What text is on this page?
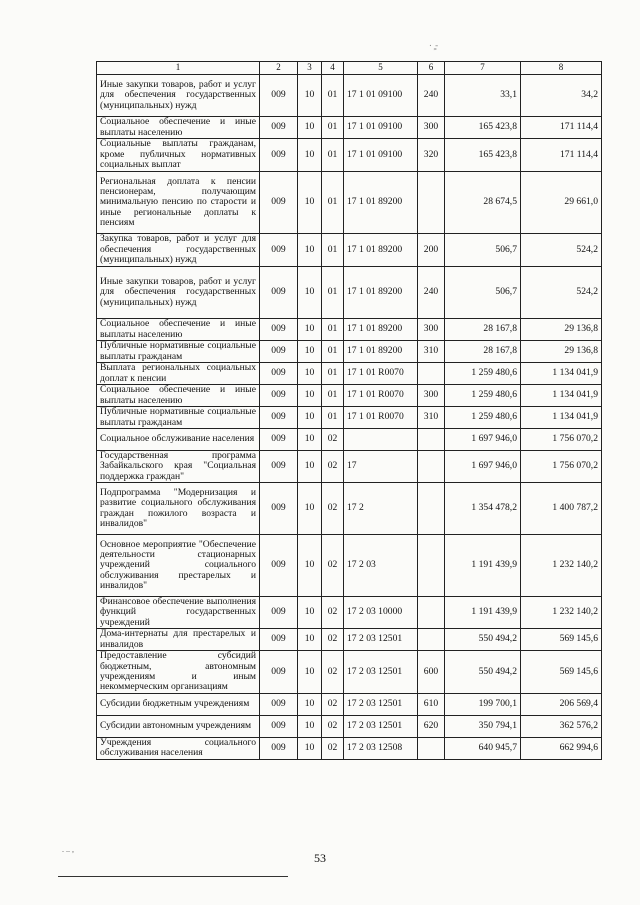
٠ٍ -
1	2	3	4	5	6	7	8
Иные закупки товаров, работ и услуг для обеспечения государственных (муниципальных) нужд	009	10	01	17 1 01 09100	240	33,1	34,2
Социальное обеспечение и иные выплаты населению	009	10	01	17 1 01 09100	300	165 423,8	171 114,4
Социальные выплаты гражданам, кроме публичных нормативных социальных выплат	009	10	01	17 1 01 09100	320	165 423,8	171 114,4
Региональная доплата к пенсии пенсионерам, получающим минимальную пенсию по старости и иные региональные доплаты к пенсиям	009	10	01	17 1 01 89200		28 674,5	29 661,0
Закупка товаров, работ и услуг для обеспечения государственных (муниципальных) нужд	009	10	01	17 1 01 89200	200	506,7	524,2
Иные закупки товаров, работ и услуг для обеспечения государственных (муниципальных) нужд	009	10	01	17 1 01 89200	240	506,7	524,2
Социальное обеспечение и иные выплаты населению	009	10	01	17 1 01 89200	300	28 167,8	29 136,8
Публичные нормативные социальные выплаты гражданам	009	10	01	17 1 01 89200	310	28 167,8	29 136,8
Выплата региональных социальных доплат к пенсии	009	10	01	17 1 01 R0070		1 259 480,6	1 134 041,9
Социальное обеспечение и иные выплаты населению	009	10	01	17 1 01 R0070	300	1 259 480,6	1 134 041,9
Публичные нормативные социальные выплаты гражданам	009	10	01	17 1 01 R0070	310	1 259 480,6	1 134 041,9
Социальное обслуживание населения	009	10	02			1 697 946,0	1 756 070,2
Государственная программа Забайкальского края "Социальная поддержка граждан"	009	10	02	17		1 697 946,0	1 756 070,2
Подпрограмма "Модернизация и развитие социального обслуживания граждан пожилого возраста и инвалидов"	009	10	02	17 2		1 354 478,2	1 400 787,2
Основное мероприятие "Обеспечение деятельности стационарных учреждений социального обслуживания престарелых и инвалидов"	009	10	02	17 2 03		1 191 439,9	1 232 140,2
Финансовое обеспечение выполнения функций государственных учреждений	009	10	02	17 2 03 10000		1 191 439,9	1 232 140,2
Дома-интернаты для престарелых и инвалидов	009	10	02	17 2 03 12501		550 494,2	569 145,6
Предоставление субсидий бюджетным, автономным учреждениям и иным некоммерческим организациям	009	10	02	17 2 03 12501	600	550 494,2	569 145,6
Субсидии бюджетным учреждениям	009	10	02	17 2 03 12501	610	199 700,1	206 569,4
Субсидии автономным учреждениям	009	10	02	17 2 03 12501	620	350 794,1	362 576,2
Учреждения социального обслуживания населения	009	10	02	17 2 03 12508		640 945,7	662 994,6
53
. .. ,
